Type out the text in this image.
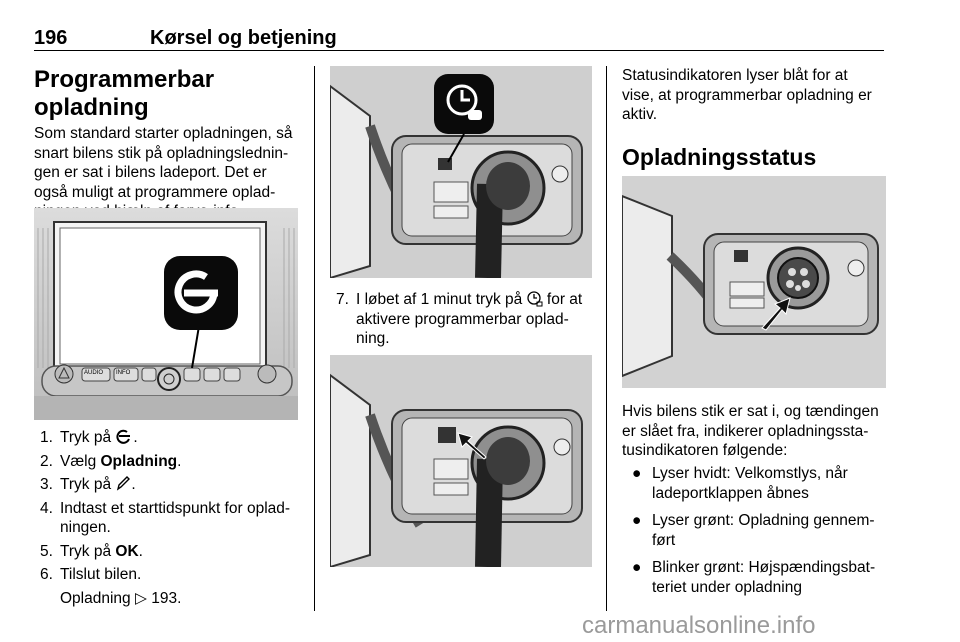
196	Kørsel og betjening
Programmerbar opladning

Som standard starter opladningen, så

snart bilens stik på opladningslednin-

gen er sat i bilens ladeport. Det er

også muligt at programmere oplad-

AUDIO INFO
1. Tryk på .
2. Vælg Opladning.
3. Tryk på .
4. Indtast et starttidspunkt for oplad-
ningen.
5. Tryk på OK.
6. Tilslut bilen.
Opladning ▷ 193.
7. I løbet af 1 minut tryk på for at
aktivere programmerbar oplad-
ning.

Statusindikatoren lyser blåt for at

vise, at programmerbar opladning er

aktiv.

Opladningsstatus

Hvis bilens stik er sat i, og tændingen

er slået fra, indikerer opladningssta-

tusindikatoren følgende:

● Lyser hvidt: Velkomstlys, når
ladeportklappen åbnes
● Lyser grønt: Opladning gennem-
ført
● Blinker grønt: Højspændingsbat-
teriet under opladning
carmanualsonline.info
